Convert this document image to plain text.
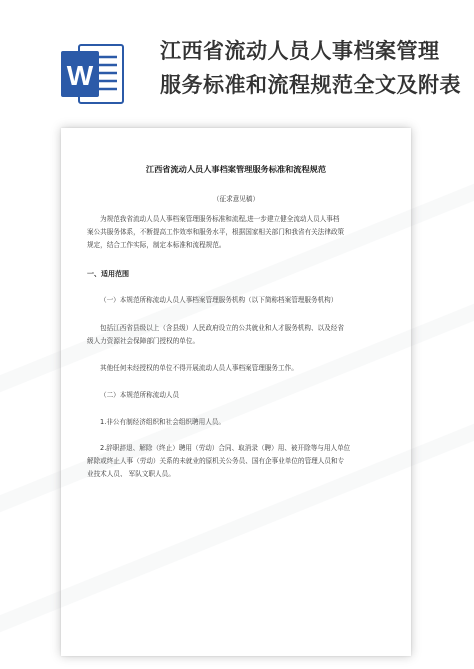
W
江西省流动人员人事档案管理
服务标准和流程规范全文及附表
江西省流动人员人事档案管理服务标准和流程规范
（征求意见稿）
为规范我省流动人员人事档案管理服务标准和流程,进一步建立健全流动人员人事档
案公共服务体系，不断提高工作效率和服务水平，根据国家相关部门和我省有关法律政策
规定，结合工作实际，制定本标准和流程规范。
一、适用范围
（一）本规范所称流动人员人事档案管理服务机构（以下简称档案管理服务机构）
包括江西省县级以上（含县级）人民政府设立的公共就业和人才服务机构、以及经省
级人力资源社会保障部门授权的单位。
其他任何未经授权的单位不得开展流动人员人事档案管理服务工作。
（二）本规范所称流动人员
1.非公有制经济组织和社会组织聘用人员。
2.辞职辞退、解除（终止）聘用（劳动）合同、取消录（聘）用、被开除等与用人单位
解除或终止人事（劳动）关系的未就业的原机关公务员、国有企事业单位的管理人员和专
业技术人员、 军队文职人员。
